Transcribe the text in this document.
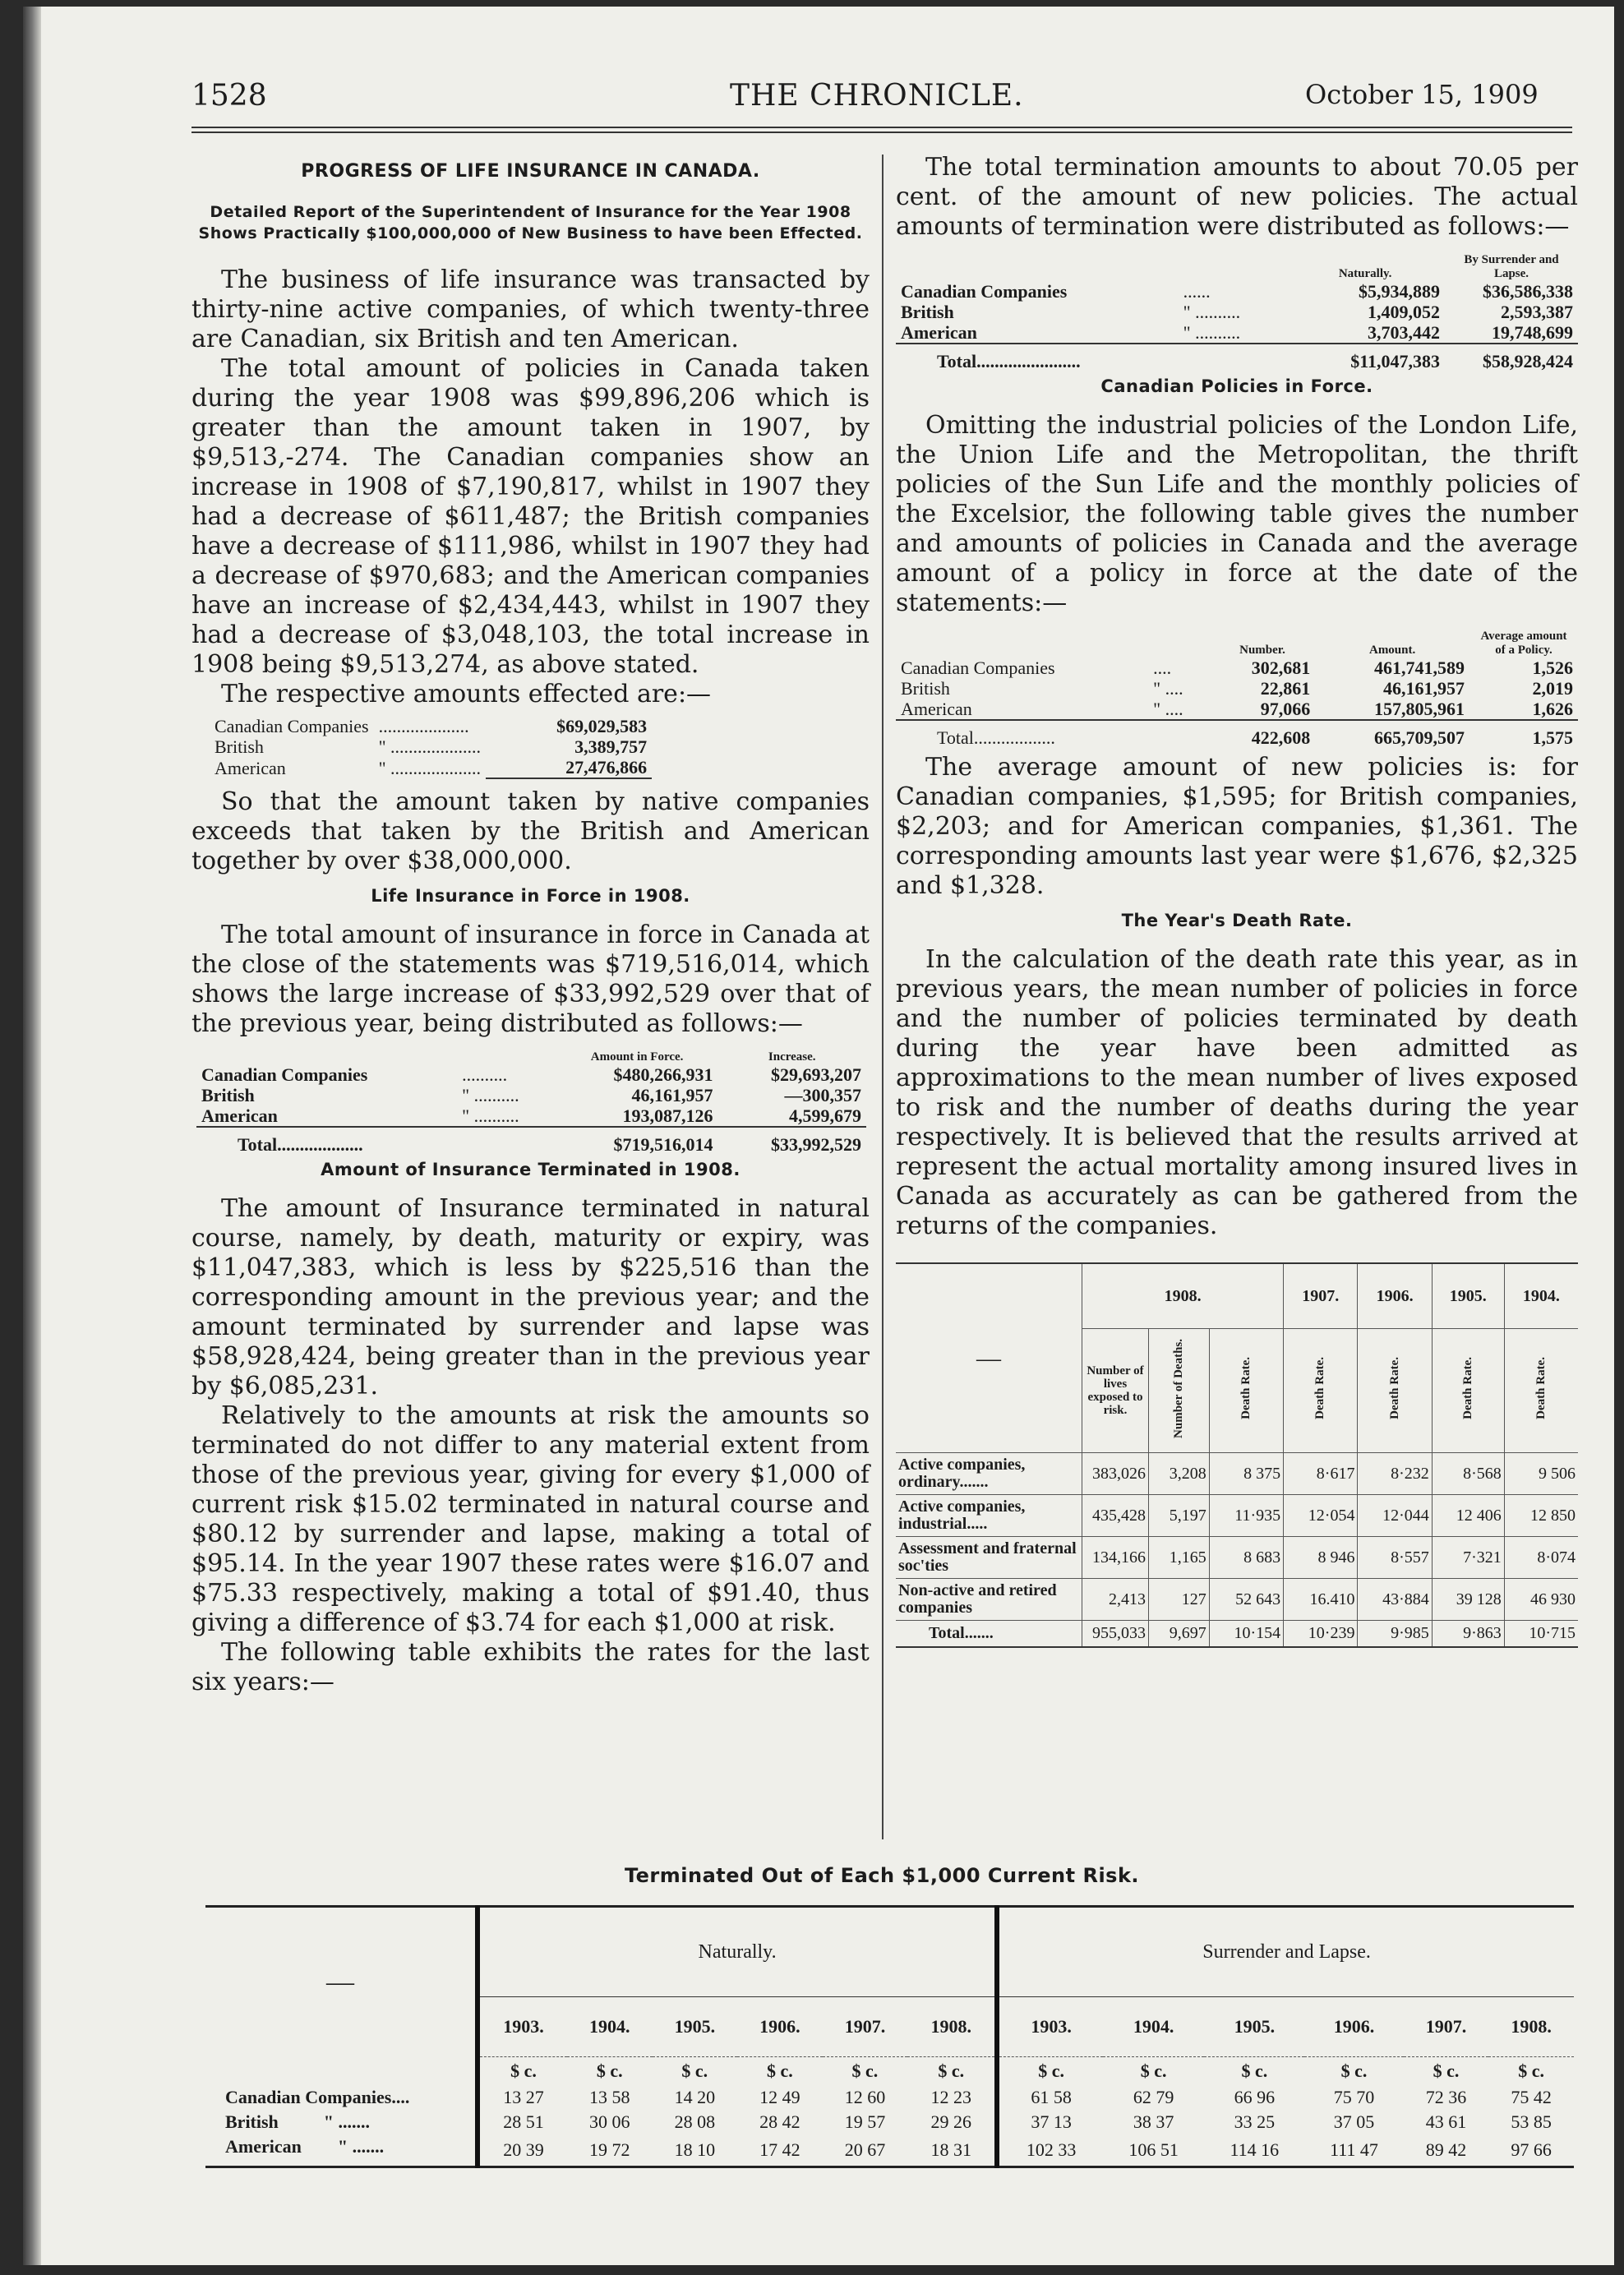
1528	THE CHRONICLE.	October 15, 1909
PROGRESS OF LIFE INSURANCE IN CANADA.
Detailed Report of the Superintendent of Insurance for the Year 1908 Shows Practically $100,000,000 of New Business to have been Effected.

The business of life insurance was transacted by thirty-nine active companies, of which twenty-three are Canadian, six British and ten American.

The total amount of policies in Canada taken during the year 1908 was $99,896,206 which is greater than the amount taken in 1907, by $9,513,-274. The Canadian companies show an increase in 1908 of $7,190,817, whilst in 1907 they had a decrease of $611,487; the British companies have a decrease of $111,986, whilst in 1907 they had a decrease of $970,683; and the American companies have an increase of $2,434,443, whilst in 1907 they had a decrease of $3,048,103, the total increase in 1908 being $9,513,274, as above stated.

The respective amounts effected are:—

Canadian Companies	....................	$69,029,583
British	" ....................	3,389,757
American	" ....................	27,476,866

So that the amount taken by native companies exceeds that taken by the British and American together by over $38,000,000.

Life Insurance in Force in 1908.

The total amount of insurance in force in Canada at the close of the statements was $719,516,014, which shows the large increase of $33,992,529 over that of the previous year, being distributed as follows:—

		Amount in Force.	Increase.
Canadian Companies	..........	$480,266,931	$29,693,207
British	" ..........	46,161,957	—300,357
American	" ..........	193,087,126	4,599,679
Total...................		$719,516,014	$33,992,529
Amount of Insurance Terminated in 1908.

The amount of Insurance terminated in natural course, namely, by death, maturity or expiry, was $11,047,383, which is less by $225,516 than the corresponding amount in the previous year; and the amount terminated by surrender and lapse was $58,928,424, being greater than in the previous year by $6,085,231.

Relatively to the amounts at risk the amounts so terminated do not differ to any material extent from those of the previous year, giving for every $1,000 of current risk $15.02 terminated in natural course and $80.12 by surrender and lapse, making a total of $95.14. In the year 1907 these rates were $16.07 and $75.33 respectively, making a total of $91.40, thus giving a difference of $3.74 for each $1,000 at risk.

The following table exhibits the rates for the last six years:—

The total termination amounts to about 70.05 per cent. of the amount of new policies. The actual amounts of termination were distributed as follows:—

		Naturally.	By Surrender and Lapse.
Canadian Companies	......	$5,934,889	$36,586,338
British	" ..........	1,409,052	2,593,387
American	" ..........	3,703,442	19,748,699
Total.......................		$11,047,383	$58,928,424
Canadian Policies in Force.

Omitting the industrial policies of the London Life, the Union Life and the Metropolitan, the thrift policies of the Sun Life and the monthly policies of the Excelsior, the following table gives the number and amounts of policies in Canada and the average amount of a policy in force at the date of the statements:—

		Number.	Amount.	Average amount of a Policy.
Canadian Companies	....	302,681	461,741,589	1,526
British	" ....	22,861	46,161,957	2,019
American	" ....	97,066	157,805,961	1,626
Total..................		422,608	665,709,507	1,575

The average amount of new policies is: for Canadian companies, $1,595; for British companies, $2,203; and for American companies, $1,361. The corresponding amounts last year were $1,676, $2,325 and $1,328.

The Year's Death Rate.

In the calculation of the death rate this year, as in previous years, the mean number of policies in force and the number of policies terminated by death during the year have been admitted as approximations to the mean number of lives exposed to risk and the number of deaths during the year respectively. It is believed that the results arrived at represent the actual mortality among insured lives in Canada as accurately as can be gathered from the returns of the companies.

—	1908.			1907.	1906.	1905.	1904.
	Number of lives exposed to risk.	Number of Deaths.	Death Rate.	Death Rate.	Death Rate.	Death Rate.	Death Rate.
Active companies, ordinary.......	383,026	3,208	8 375	8·617	8·232	8·568	9 506
Active companies, industrial.....	435,428	5,197	11·935	12·054	12·044	12 406	12 850
Assessment and fraternal soc'ties	134,166	1,165	8 683	8 946	8·557	7·321	8·074
Non-active and retired companies	2,413	127	52 643	16.410	43·884	39 128	46 930
Total.......	955,033	9,697	10·154	10·239	9·985	9·863	10·715
Terminated Out of Each $1,000 Current Risk.
—	Naturally.						Surrender and Lapse.					
	1903.	1904.	1905.	1906.	1907.	1908.	1903.	1904.	1905.	1906.	1907.	1908.
	$ c.	$ c.	$ c.	$ c.	$ c.	$ c.	$ c.	$ c.	$ c.	$ c.	$ c.	$ c.
Canadian Companies....	13 27	13 58	14 20	12 49	12 60	12 23	61 58	62 79	66 96	75 70	72 36	75 42
British          " .......	28 51	30 06	28 08	28 42	19 57	29 26	37 13	38 37	33 25	37 05	43 61	53 85
American        " .......	20 39	19 72	18 10	17 42	20 67	18 31	102 33	106 51	114 16	111 47	89 42	97 66
